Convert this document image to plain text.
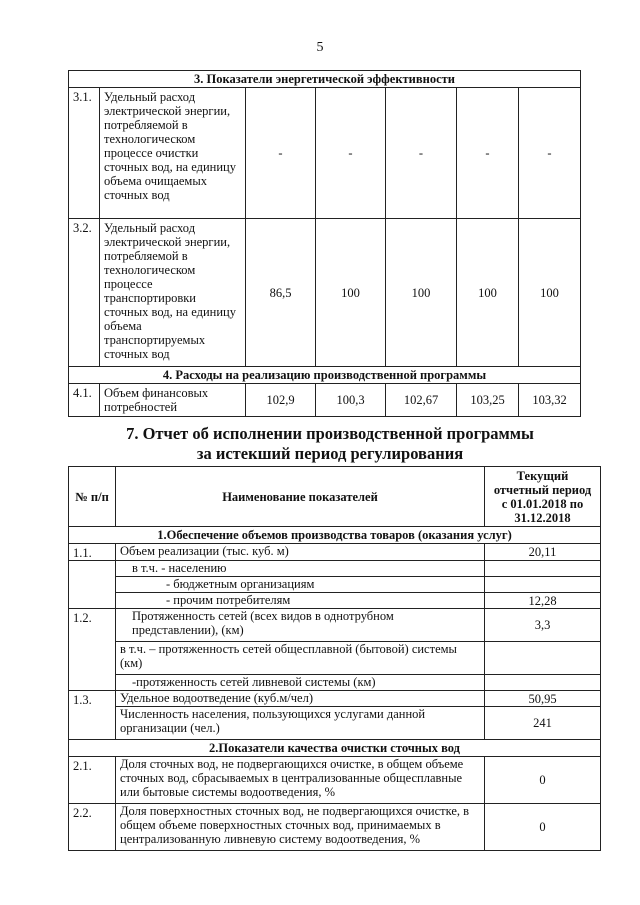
5
3. Показатели энергетической эффективности						
3.1.	Удельный расход электрической энергии, потребляемой в технологическом процессе очистки сточных вод, на единицу объема очищаемых сточных вод	-	-	-	-	-
3.2.	Удельный расход электрической энергии, потребляемой в технологическом процессе транспортировки сточных вод, на единицу объема транспортируемых сточных вод	86,5	100	100	100	100
4. Расходы на реализацию производственной программы						
4.1.	Объем финансовых потребностей	102,9	100,3	102,67	103,25	103,32
7. Отчет об исполнении производственной программы
за истекший период регулирования
№ п/п	Наименование показателей	Текущий
отчетный период
с 01.01.2018 по
31.12.2018

1.Обеспечение объемов производства товаров (оказания услуг)		
1.1.	Объем реализации (тыс. куб. м)	20,11
	в т.ч. - населению	
	- бюджетным организациям	
	- прочим потребителям	12,28
1.2.	Протяженность сетей (всех видов в однотрубном представлении), (км)	3,3
	в т.ч. – протяженность сетей общесплавной (бытовой) системы (км)	
	-протяженность сетей ливневой системы (км)	
1.3.	Удельное водоотведение (куб.м/чел)	50,95
	Численность населения, пользующихся услугами данной организации (чел.)	241
2.Показатели качества очистки сточных вод		
2.1.	Доля сточных вод, не подвергающихся очистке, в общем объеме сточных вод, сбрасываемых в централизованные общесплавные или бытовые системы водоотведения, %	0
2.2.	Доля поверхностных сточных вод, не подвергающихся очистке, в общем объеме поверхностных сточных вод, принимаемых в централизованную ливневую систему водоотведения, %	0
